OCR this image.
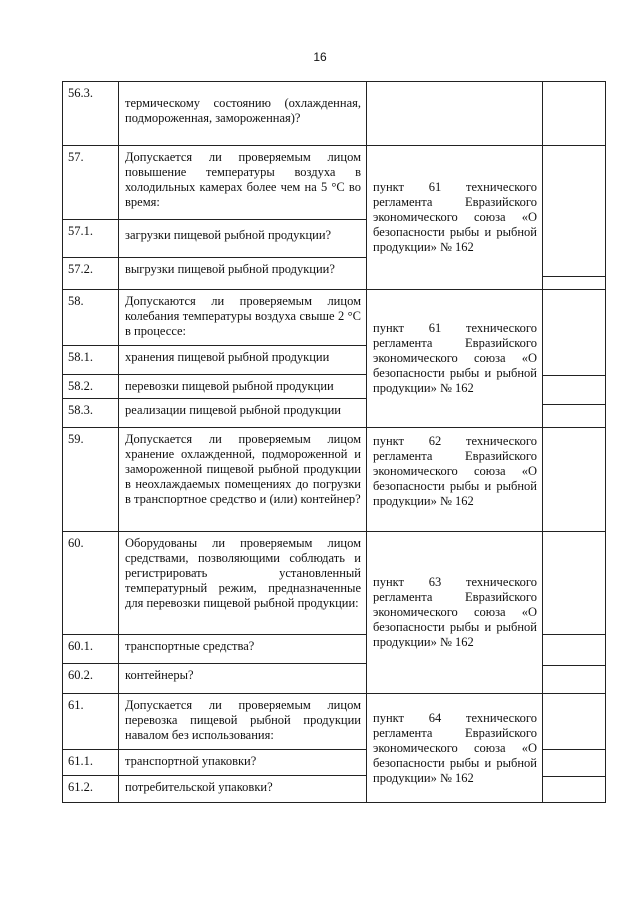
16
56.3.	термическому состоянию (охлажденная, подмороженная, замороженная)?		
57.	Допускается ли проверяемым лицом повышение температуры воздуха в холодильных камерах более чем на 5 °С во время:	пункт 61 технического регламента Евразийского экономического союза «О безопасности рыбы и рыбной продукции» № 162	

57.1.	загрузки пищевой рыбной продукции?		
57.2.	выгрузки пищевой рыбной продукции?		
58.	Допускаются ли проверяемым лицом колебания температуры воздуха свыше 2 °С в процессе:	пункт 61 технического регламента Евразийского экономического союза «О безопасности рыбы и рыбной продукции» № 162	

58.1.	хранения пищевой рыбной продукции		
58.2.	перевозки пищевой рыбной продукции		
58.3.	реализации пищевой рыбной продукции		
59.	Допускается ли проверяемым лицом хранение охлажденной, подмороженной и замороженной пищевой рыбной продукции в неохлаждаемых помещениях до погрузки в транспортное средство и (или) контейнер?	пункт 62 технического регламента Евразийского экономического союза «О безопасности рыбы и рыбной продукции» № 162	

60.	Оборудованы ли проверяемым лицом средствами, позволяющими соблюдать и регистрировать установленный температурный режим, предназначенные для перевозки пищевой рыбной продукции:	пункт 63 технического регламента Евразийского экономического союза «О безопасности рыбы и рыбной продукции» № 162	

60.1.	транспортные средства?		
60.2.	контейнеры?		
61.	Допускается ли проверяемым лицом перевозка пищевой рыбной продукции навалом без использования:	пункт 64 технического регламента Евразийского экономического союза «О безопасности рыбы и рыбной продукции» № 162	

61.1.	транспортной упаковки?		
61.2.	потребительской упаковки?		
